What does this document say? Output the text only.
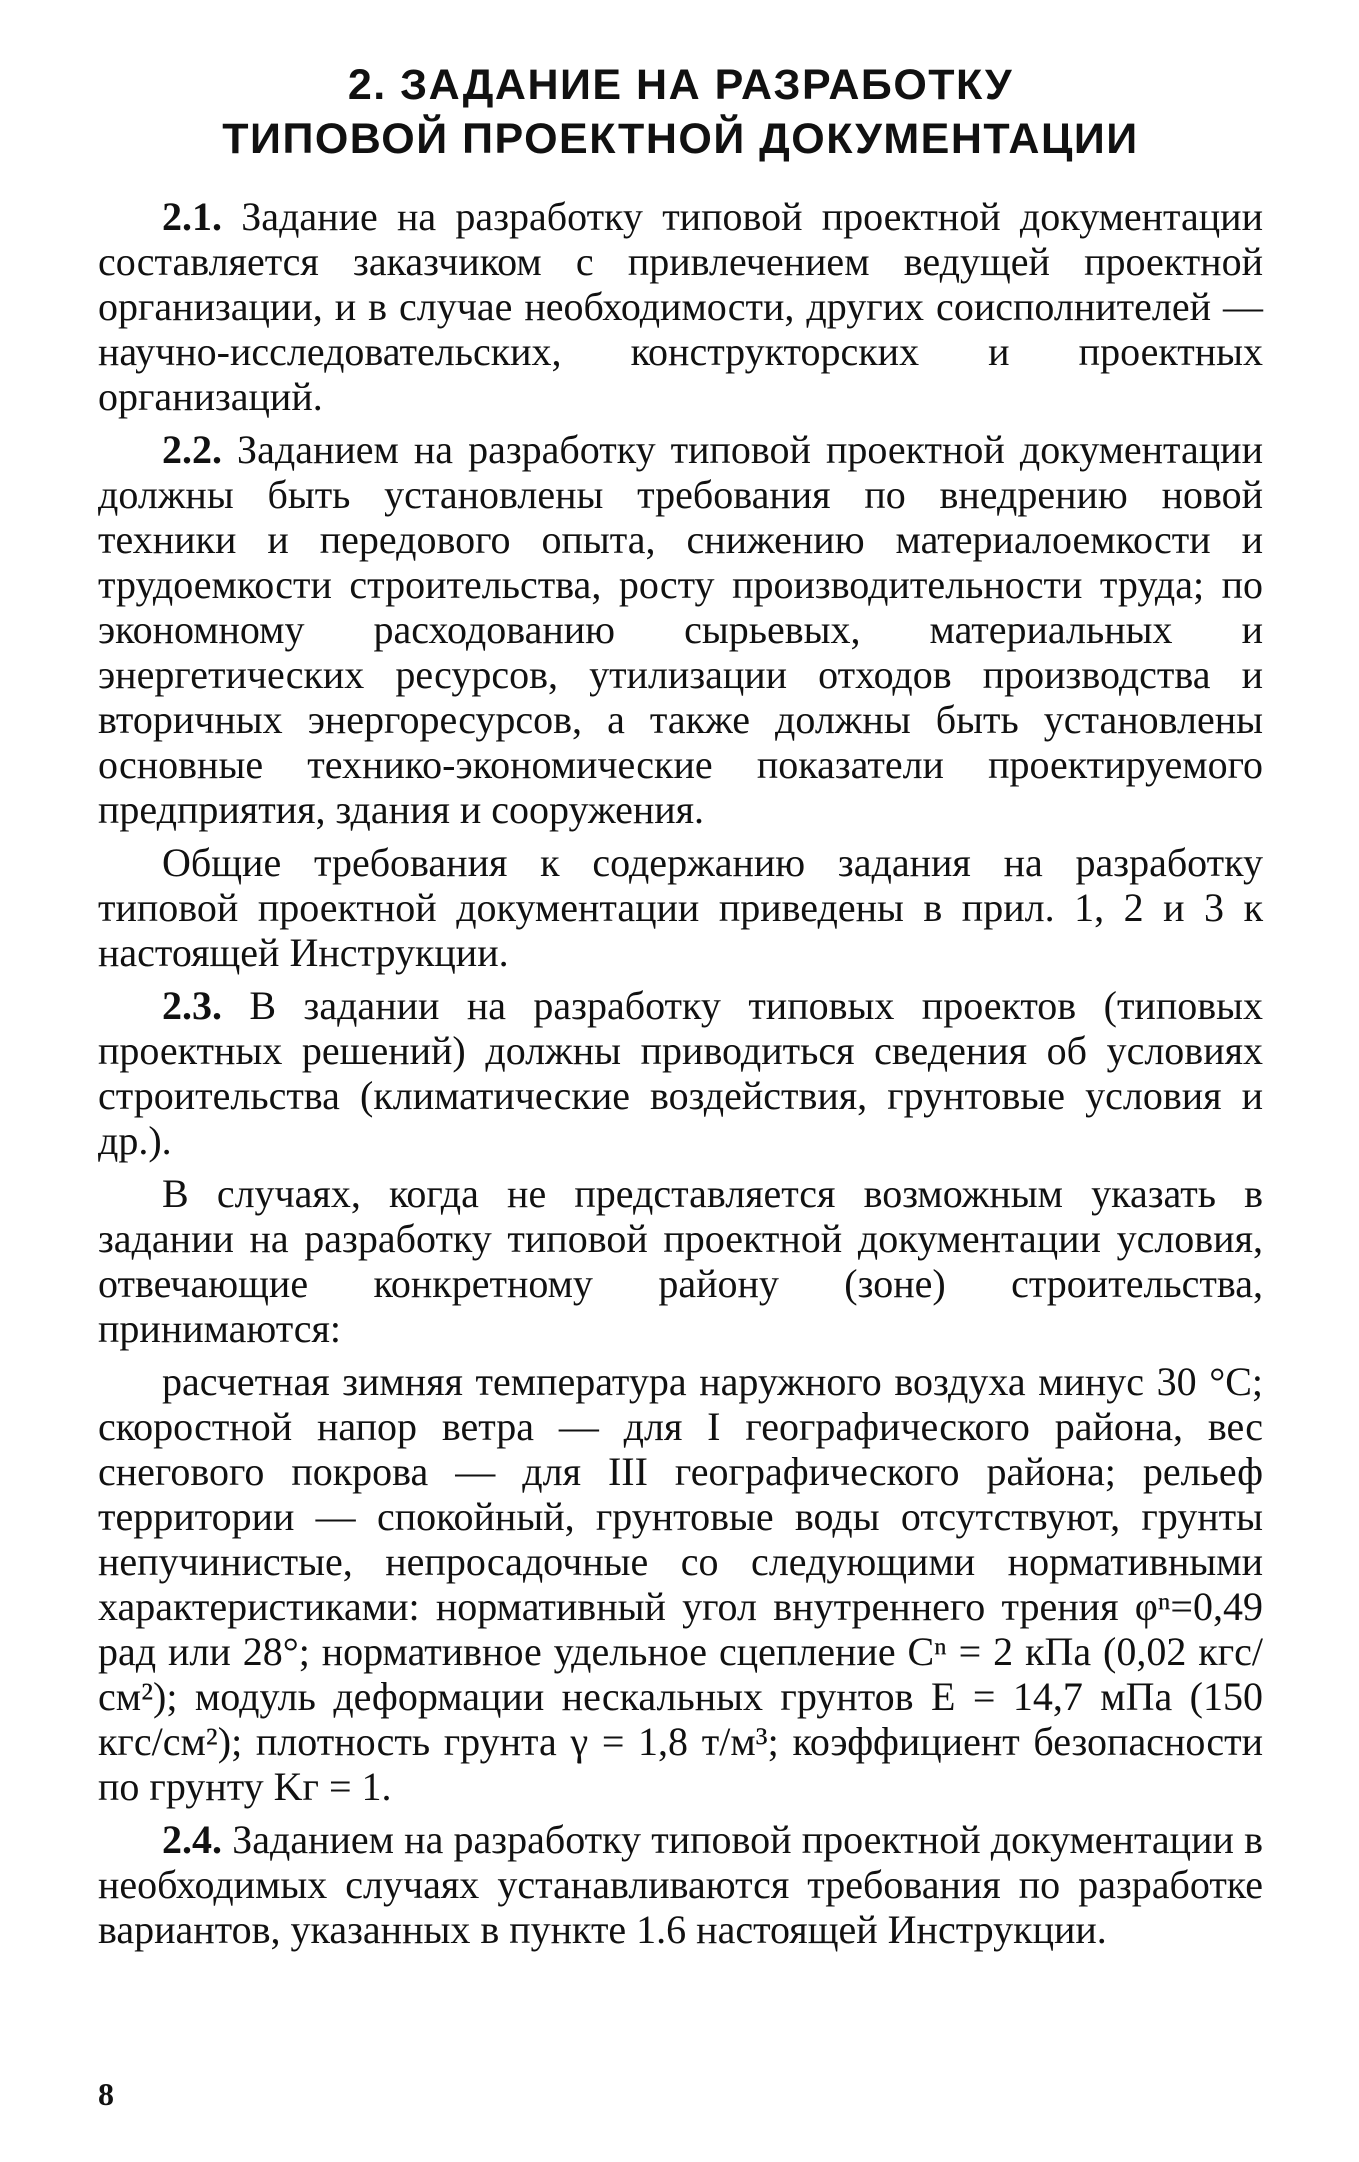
2. ЗАДАНИЕ НА РАЗРАБОТКУ
ТИПОВОЙ ПРОЕКТНОЙ ДОКУМЕНТАЦИИ

2.1. Задание на разработку типовой проектной документации составляется заказчиком с привлечением ведущей проектной организации, и в случае необходимости, других соисполнителей — научно-исследовательских, конструкторских и проектных организаций.

2.2. Заданием на разработку типовой проектной документации должны быть установлены требования по внедрению новой техники и передового опыта, снижению материалоемкости и трудоемкости строительства, росту производительности труда; по экономному расходованию сырьевых, материальных и энергетических ресурсов, утилизации отходов производства и вторичных энергоресурсов, а также должны быть установлены основные технико-экономические показатели проектируемого предприятия, здания и сооружения.

Общие требования к содержанию задания на разработку типовой проектной документации приведены в прил. 1, 2 и 3 к настоящей Инструкции.

2.3. В задании на разработку типовых проектов (типовых проектных решений) должны приводиться сведения об условиях строительства (климатические воздействия, грунтовые условия и др.).

В случаях, когда не представляется возможным указать в задании на разработку типовой проектной документации условия, отвечающие конкретному району (зоне) строительства, принимаются:

расчетная зимняя температура наружного воздуха минус 30 °C; скоростной напор ветра — для I географического района, вес снегового покрова — для III географического района; рельеф территории — спокойный, грунтовые воды отсутствуют, грунты непучинистые, непросадочные со следующими нормативными характеристиками: нормативный угол внутреннего трения φⁿ=0,49 рад или 28°; нормативное удельное сцепление Cⁿ = 2 кПа (0,02 кгс/см²); модуль деформации нескальных грунтов E = 14,7 мПа (150 кгс/см²); плотность грунта γ = 1,8 т/м³; коэффициент безопасности по грунту Kг = 1.

2.4. Заданием на разработку типовой проектной документации в необходимых случаях устанавливаются требования по разработке вариантов, указанных в пункте 1.6 настоящей Инструкции.

8
